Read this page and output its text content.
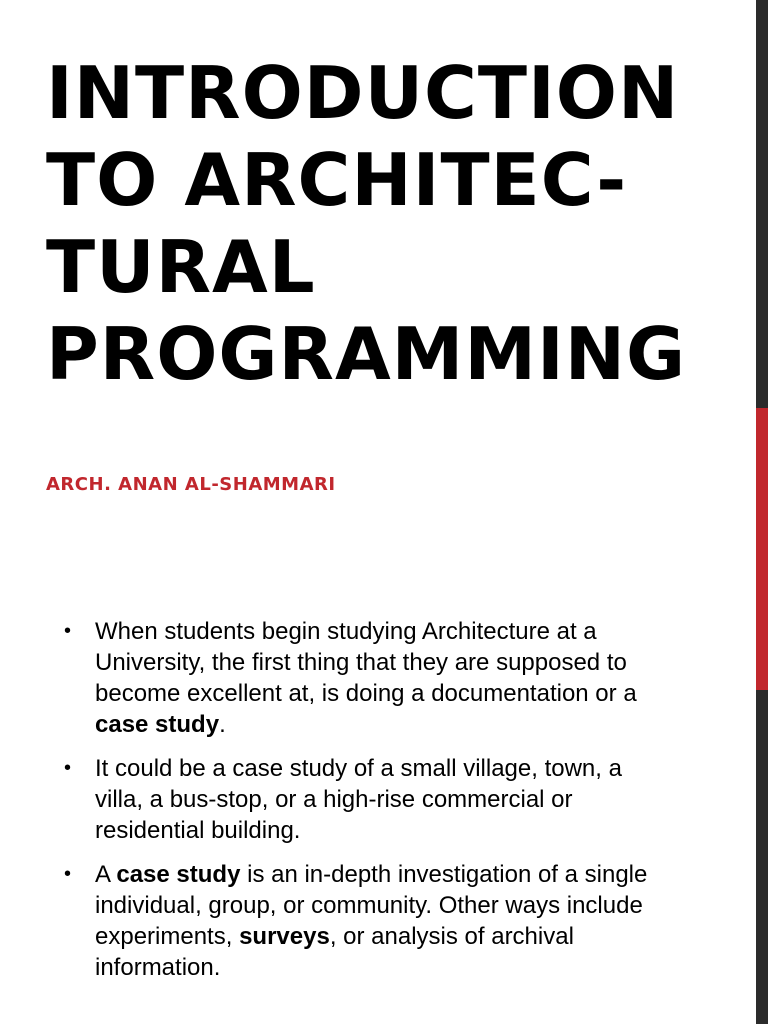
INTRODUCTION
TO ARCHITEC-
TURAL
PROGRAMMING

ARCH. ANAN AL-SHAMMARI

• When students begin studying Architecture at a University, the first thing that they are supposed to become excellent at, is doing a documentation or a case study.
• It could be a case study of a small village, town, a villa, a bus-stop, or a high-rise commercial or residential building.
• A case study is an in-depth investigation of a single individual, group, or community. Other ways include experiments, surveys, or analysis of archival information.
